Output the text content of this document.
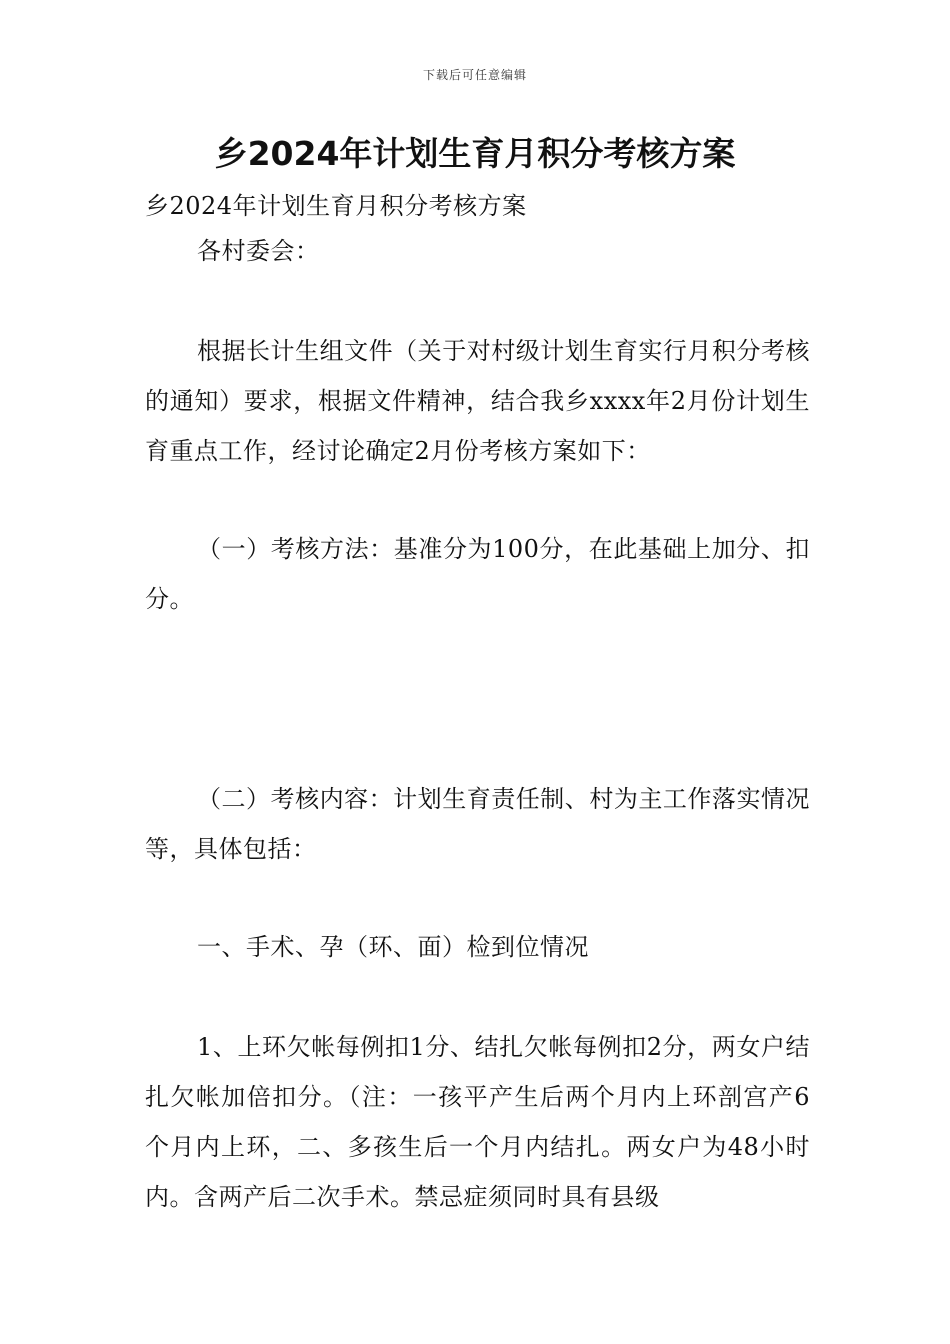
下载后可任意编辑
乡2024年计划生育月积分考核方案

乡2024年计划生育月积分考核方案

各村委会：

根据长计生组文件（关于对村级计划生育实行月积分考核的通知）要求，根据文件精神，结合我乡xxxx年2月份计划生育重点工作，经讨论确定2月份考核方案如下：

（一）考核方法：基准分为100分，在此基础上加分、扣分。

（二）考核内容：计划生育责任制、村为主工作落实情况等，具体包括：

一、手术、孕（环、面）检到位情况

1、上环欠帐每例扣1分、结扎欠帐每例扣2分，两女户结扎欠帐加倍扣分。（注：一孩平产生后两个月内上环剖宫产6个月内上环，二、多孩生后一个月内结扎。两女户为48小时内。含两产后二次手术。禁忌症须同时具有县级
